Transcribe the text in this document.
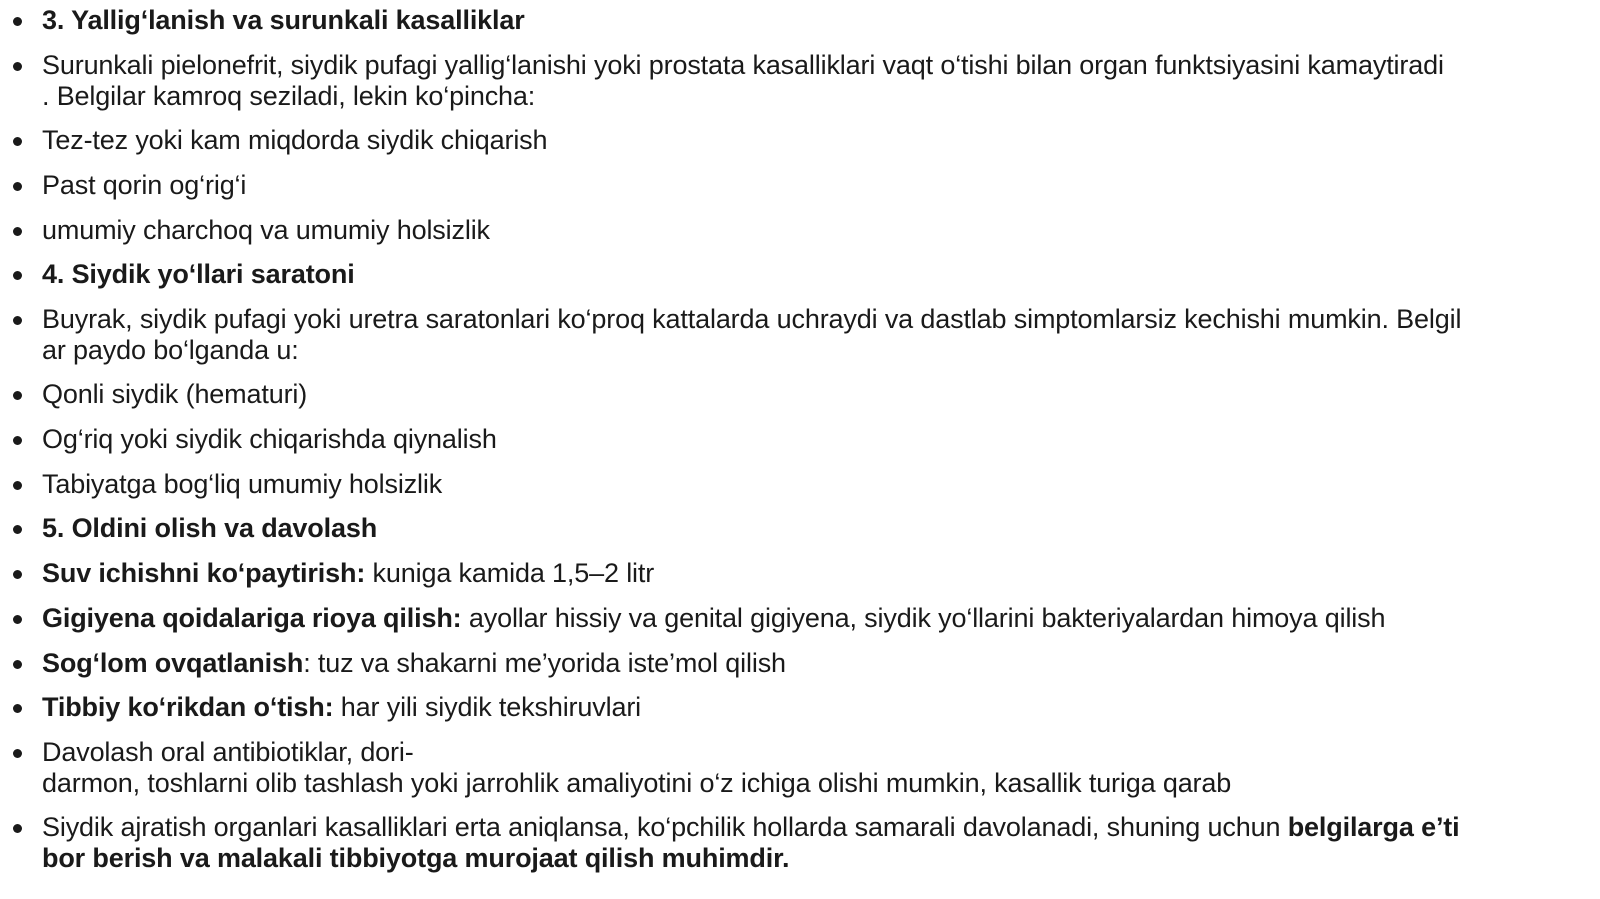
3. Yallig‘lanish va surunkali kasalliklar
Surunkali pielonefrit, siydik pufagi yallig‘lanishi yoki prostata kasalliklari vaqt o‘tishi bilan organ funktsiyasini kamaytiradi
. Belgilar kamroq seziladi, lekin ko‘pincha:
Tez-tez yoki kam miqdorda siydik chiqarish
Past qorin og‘rig‘i
umumiy charchoq va umumiy holsizlik
4. Siydik yo‘llari saratoni
Buyrak, siydik pufagi yoki uretra saratonlari ko‘proq kattalarda uchraydi va dastlab simptomlarsiz kechishi mumkin. Belgil
ar paydo bo‘lganda u:
Qonli siydik (hematuri)
Og‘riq yoki siydik chiqarishda qiynalish
Tabiyatga bog‘liq umumiy holsizlik
5. Oldini olish va davolash
Suv ichishni ko‘paytirish: kuniga kamida 1,5–2 litr
Gigiyena qoidalariga rioya qilish: ayollar hissiy va genital gigiyena, siydik yo‘llarini bakteriyalardan himoya qilish
Sog‘lom ovqatlanish: tuz va shakarni me’yorida iste’mol qilish
Tibbiy ko‘rikdan o‘tish: har yili siydik tekshiruvlari
Davolash oral antibiotiklar, dori-
darmon, toshlarni olib tashlash yoki jarrohlik amaliyotini o‘z ichiga olishi mumkin, kasallik turiga qarab
Siydik ajratish organlari kasalliklari erta aniqlansa, ko‘pchilik hollarda samarali davolanadi, shuning uchun belgilarga e’ti
bor berish va malakali tibbiyotga murojaat qilish muhimdir.
